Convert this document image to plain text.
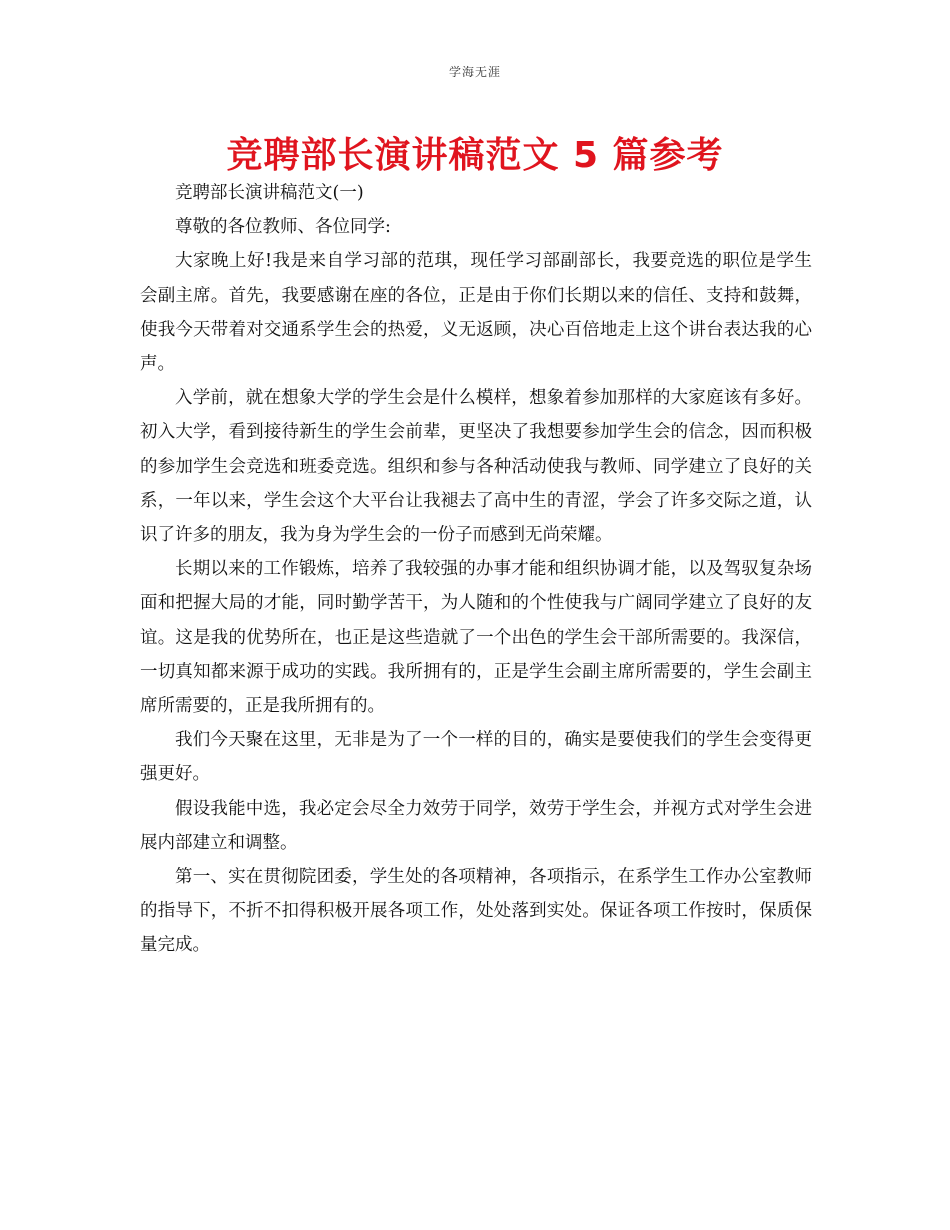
学海无涯
竞聘部长演讲稿范文 5 篇参考

竞聘部长演讲稿范文(一)

尊敬的各位教师、各位同学:

大家晚上好!我是来自学习部的范琪，现任学习部副部长，我要竞选的职位是学生会副主席。首先，我要感谢在座的各位，正是由于你们长期以来的信任、支持和鼓舞，使我今天带着对交通系学生会的热爱，义无返顾，决心百倍地走上这个讲台表达我的心声。

入学前，就在想象大学的学生会是什么模样，想象着参加那样的大家庭该有多好。初入大学，看到接待新生的学生会前辈，更坚决了我想要参加学生会的信念，因而积极的参加学生会竞选和班委竞选。组织和参与各种活动使我与教师、同学建立了良好的关系，一年以来，学生会这个大平台让我褪去了高中生的青涩，学会了许多交际之道，认识了许多的朋友，我为身为学生会的一份子而感到无尚荣耀。

长期以来的工作锻炼，培养了我较强的办事才能和组织协调才能，以及驾驭复杂场面和把握大局的才能，同时勤学苦干，为人随和的个性使我与广阔同学建立了良好的友谊。这是我的优势所在，也正是这些造就了一个出色的学生会干部所需要的。我深信，一切真知都来源于成功的实践。我所拥有的，正是学生会副主席所需要的，学生会副主席所需要的，正是我所拥有的。

我们今天聚在这里，无非是为了一个一样的目的，确实是要使我们的学生会变得更强更好。

假设我能中选，我必定会尽全力效劳于同学，效劳于学生会，并视方式对学生会进展内部建立和调整。

第一、实在贯彻院团委，学生处的各项精神，各项指示，在系学生工作办公室教师的指导下，不折不扣得积极开展各项工作，处处落到实处。保证各项工作按时，保质保量完成。
